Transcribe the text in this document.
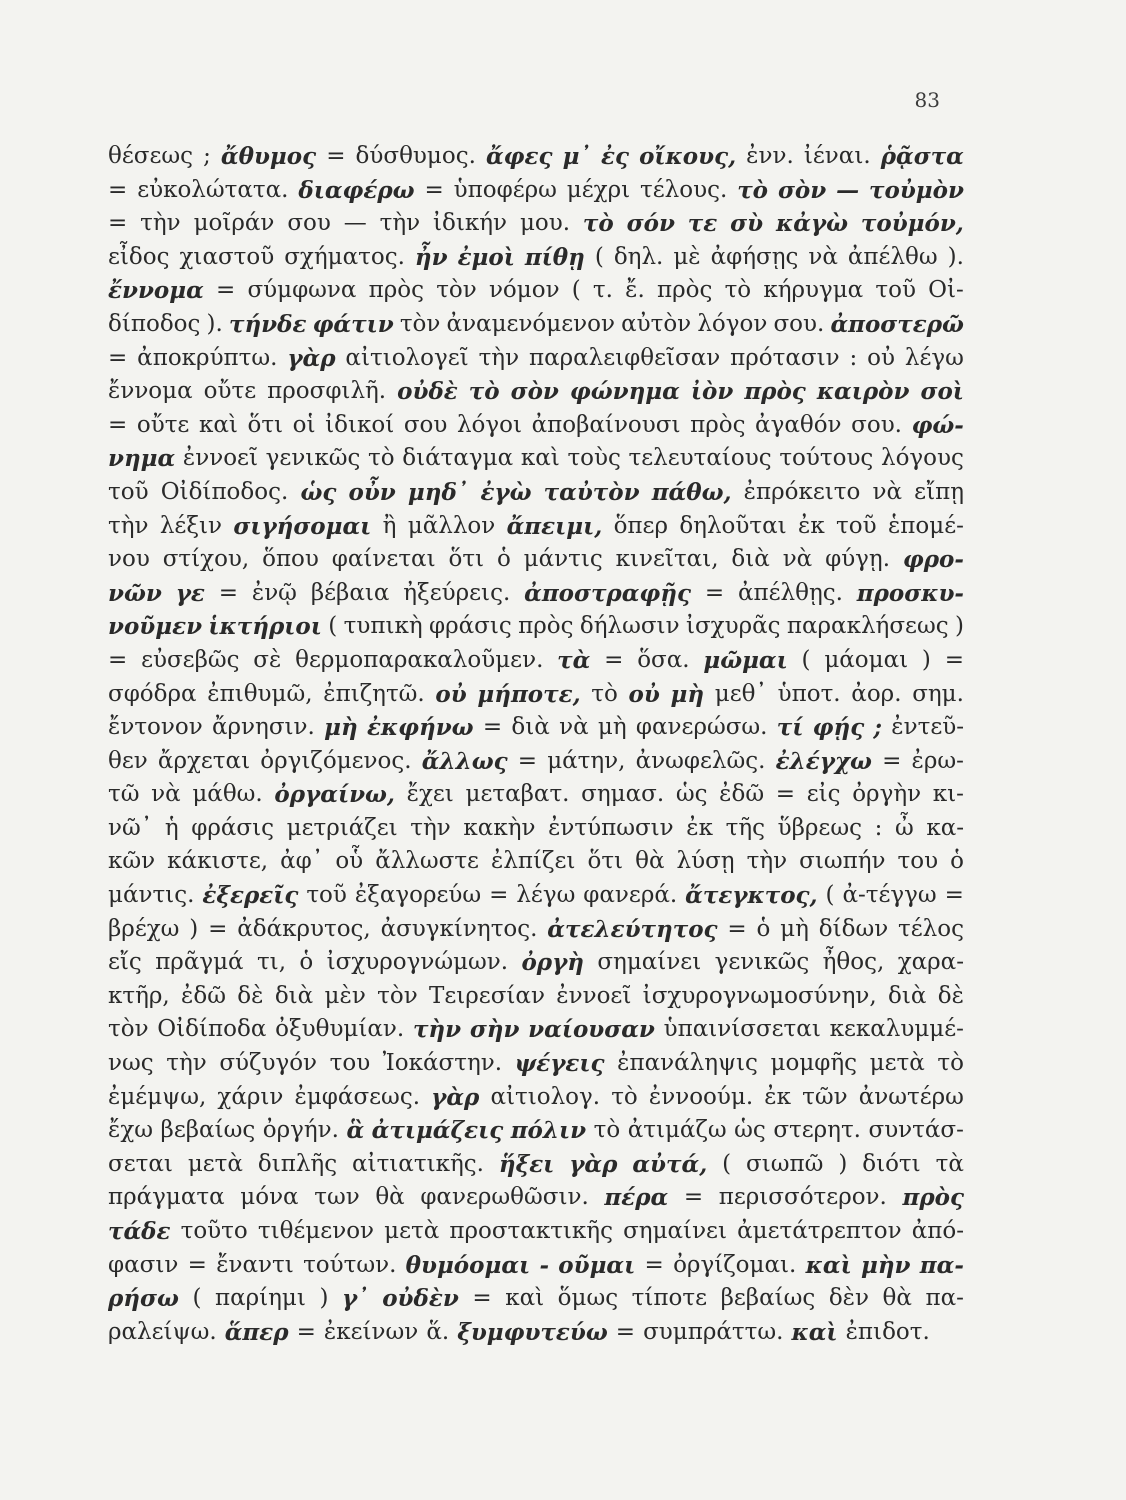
83
θέσεως ; ἄθυμος = δύσθυμος. ἄφες μ᾽ ἐς οἴκους, ἐνν. ἰέναι. ῥᾷστα
= εὐκολώτατα. διαφέρω = ὑποφέρω μέχρι τέλους. τὸ σὸν — τοὐμὸν
= τὴν μοῖράν σου — τὴν ἰδικήν μου. τὸ σόν τε σὺ κἀγὼ τοὐμόν,
εἶδος χιαστοῦ σχήματος. ἦν ἐμοὶ πίθῃ ( δηλ. μὲ ἀφήσῃς νὰ ἀπέλθω ).
ἔννομα = σύμφωνα πρὸς τὸν νόμον ( τ. ἔ. πρὸς τὸ κήρυγμα τοῦ Οἰ-
δίποδος ). τήνδε φάτιν τὸν ἀναμενόμενον αὐτὸν λόγον σου. ἀποστερῶ
= ἀποκρύπτω. γὰρ αἰτιολογεῖ τὴν παραλειφθεῖσαν πρότασιν : οὐ λέγω
ἔννομα οὔτε προσφιλῆ. οὐδὲ τὸ σὸν φώνημα ἰὸν πρὸς καιρὸν σοὶ
= οὔτε καὶ ὅτι οἱ ἰδικοί σου λόγοι ἀποβαίνουσι πρὸς ἀγαθόν σου. φώ-
νημα ἐννοεῖ γενικῶς τὸ διάταγμα καὶ τοὺς τελευταίους τούτους λόγους
τοῦ Οἰδίποδος. ὡς οὖν μηδ᾽ ἐγὼ ταὐτὸν πάθω, ἐπρόκειτο νὰ εἴπῃ
τὴν λέξιν σιγήσομαι ἢ μᾶλλον ἄπειμι, ὅπερ δηλοῦται ἐκ τοῦ ἑπομέ-
νου στίχου, ὅπου φαίνεται ὅτι ὁ μάντις κινεῖται, διὰ νὰ φύγῃ. φρο-
νῶν γε = ἐνῷ βέβαια ἠξεύρεις. ἀποστραφῇς = ἀπέλθῃς. προσκυ-
νοῦμεν ἱκτήριοι ( τυπικὴ φράσις πρὸς δήλωσιν ἰσχυρᾶς παρακλήσεως )
= εὐσεβῶς σὲ θερμοπαρακαλοῦμεν. τὰ = ὅσα. μῶμαι ( μάομαι ) =
σφόδρα ἐπιθυμῶ, ἐπιζητῶ. οὐ μήποτε, τὸ οὐ μὴ μεθ᾽ ὑποτ. ἀορ. σημ.
ἔντονον ἄρνησιν. μὴ ἐκφήνω = διὰ νὰ μὴ φανερώσω. τί φῄς ; ἐντεῦ-
θεν ἄρχεται ὀργιζόμενος. ἄλλως = μάτην, ἀνωφελῶς. ἐλέγχω = ἐρω-
τῶ νὰ μάθω. ὀργαίνω, ἔχει μεταβατ. σημασ. ὡς ἐδῶ = εἰς ὀργὴν κι-
νῶ᾽ ἡ φράσις μετριάζει τὴν κακὴν ἐντύπωσιν ἐκ τῆς ὕβρεως : ὦ κα-
κῶν κάκιστε, ἀφ᾽ οὗ ἄλλωστε ἐλπίζει ὅτι θὰ λύσῃ τὴν σιωπήν του ὁ
μάντις. ἐξερεῖς τοῦ ἐξαγορεύω = λέγω φανερά. ἄτεγκτος, ( ἀ-τέγγω =
βρέχω ) = ἀδάκρυτος, ἀσυγκίνητος. ἀτελεύτητος = ὁ μὴ δίδων τέλος
εἴς πρᾶγμά τι, ὁ ἰσχυρογνώμων. ὀργὴ σημαίνει γενικῶς ἦθος, χαρα-
κτῆρ, ἐδῶ δὲ διὰ μὲν τὸν Τειρεσίαν ἐννοεῖ ἰσχυρογνωμοσύνην, διὰ δὲ
τὸν Οἰδίποδα ὀξυθυμίαν. τὴν σὴν ναίουσαν ὑπαινίσσεται κεκαλυμμέ-
νως τὴν σύζυγόν του Ἰοκάστην. ψέγεις ἐπανάληψις μομφῆς μετὰ τὸ
ἐμέμψω, χάριν ἐμφάσεως. γὰρ αἰτιολογ. τὸ ἐννοούμ. ἐκ τῶν ἀνωτέρω
ἔχω βεβαίως ὀργήν. ἃ ἀτιμάζεις πόλιν τὸ ἀτιμάζω ὡς στερητ. συντάσ-
σεται μετὰ διπλῆς αἰτιατικῆς. ἥξει γὰρ αὐτά, ( σιωπῶ ) διότι τὰ
πράγματα μόνα των θὰ φανερωθῶσιν. πέρα = περισσότερον. πρὸς
τάδε τοῦτο τιθέμενον μετὰ προστακτικῆς σημαίνει ἀμετάτρεπτον ἀπό-
φασιν = ἔναντι τούτων. θυμόομαι - οῦμαι = ὀργίζομαι. καὶ μὴν πα-
ρήσω ( παρίημι ) γ᾽ οὐδὲν = καὶ ὅμως τίποτε βεβαίως δὲν θὰ πα-
ραλείψω. ἅπερ = ἐκείνων ἅ. ξυμφυτεύω = συμπράττω. καὶ ἐπιδοτ.
